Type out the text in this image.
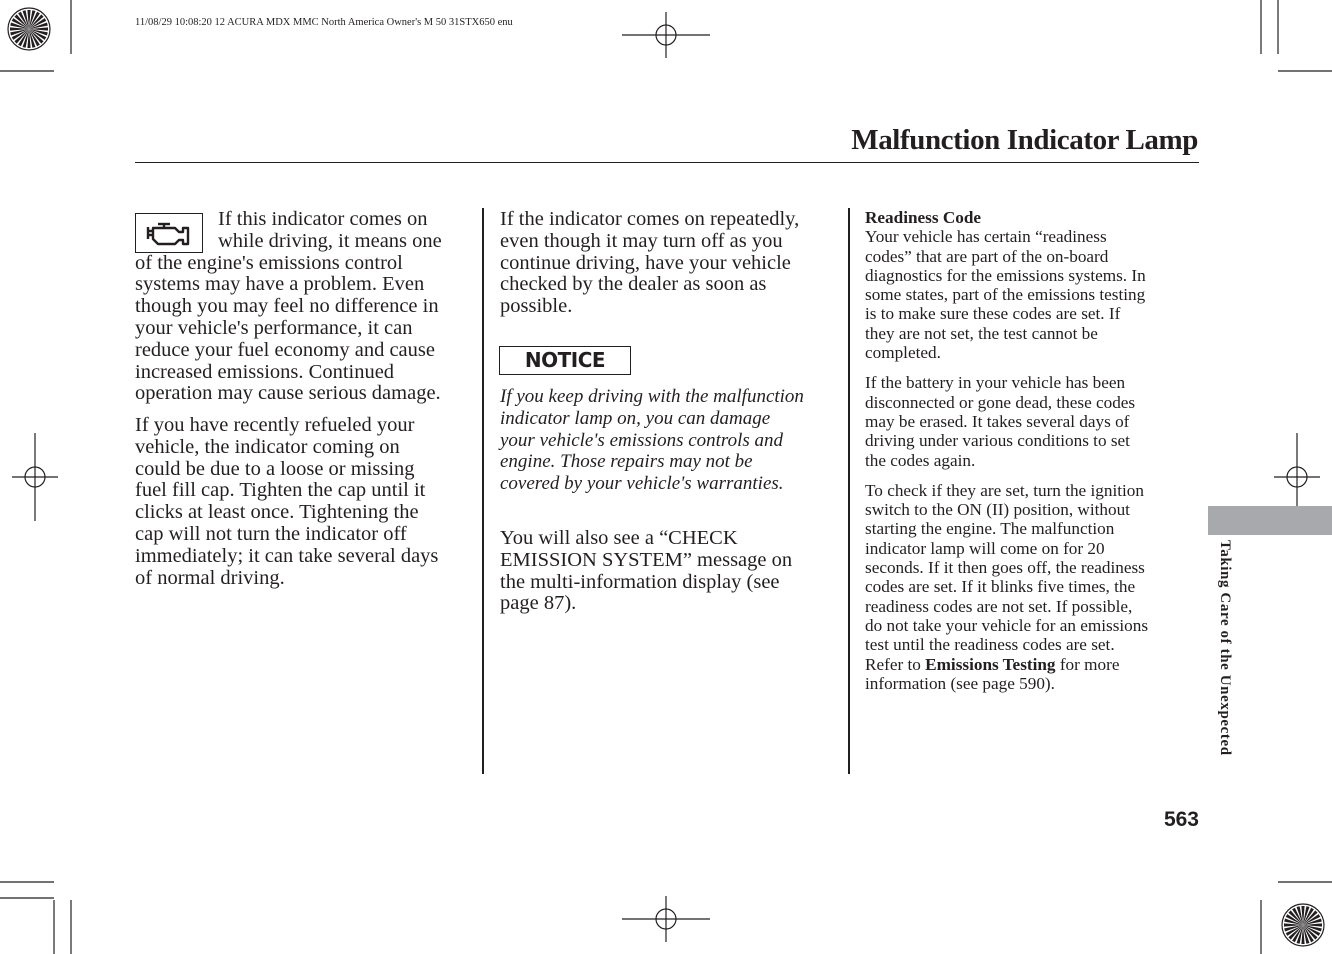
11/08/29 10:08:20 12 ACURA MDX MMC North America Owner's M 50 31STX650 enu
Malfunction Indicator Lamp
If this indicator comes on
while driving, it means one

of the engine's emissions control
systems may have a problem. Even
though you may feel no difference in
your vehicle's performance, it can
reduce your fuel economy and cause
increased emissions. Continued
operation may cause serious damage.

If you have recently refueled your
vehicle, the indicator coming on
could be due to a loose or missing
fuel fill cap. Tighten the cap until it
clicks at least once. Tightening the
cap will not turn the indicator off
immediately; it can take several days
of normal driving.

If the indicator comes on repeatedly,
even though it may turn off as you
continue driving, have your vehicle
checked by the dealer as soon as
possible.
NOTICE
If you keep driving with the malfunction
indicator lamp on, you can damage
your vehicle's emissions controls and
engine. Those repairs may not be
covered by your vehicle's warranties.
You will also see a “CHECK
EMISSION SYSTEM” message on
the multi-information display (see
page 87).
Readiness Code

Your vehicle has certain “readiness
codes” that are part of the on-board
diagnostics for the emissions systems. In
some states, part of the emissions testing
is to make sure these codes are set. If
they are not set, the test cannot be
completed.

If the battery in your vehicle has been
disconnected or gone dead, these codes
may be erased. It takes several days of
driving under various conditions to set
the codes again.

To check if they are set, turn the ignition
switch to the ON (II) position, without
starting the engine. The malfunction
indicator lamp will come on for 20
seconds. If it then goes off, the readiness
codes are set. If it blinks five times, the
readiness codes are not set. If possible,
do not take your vehicle for an emissions
test until the readiness codes are set.
Refer to Emissions Testing for more
information (see page 590).	Taking Care of the Unexpected
563
